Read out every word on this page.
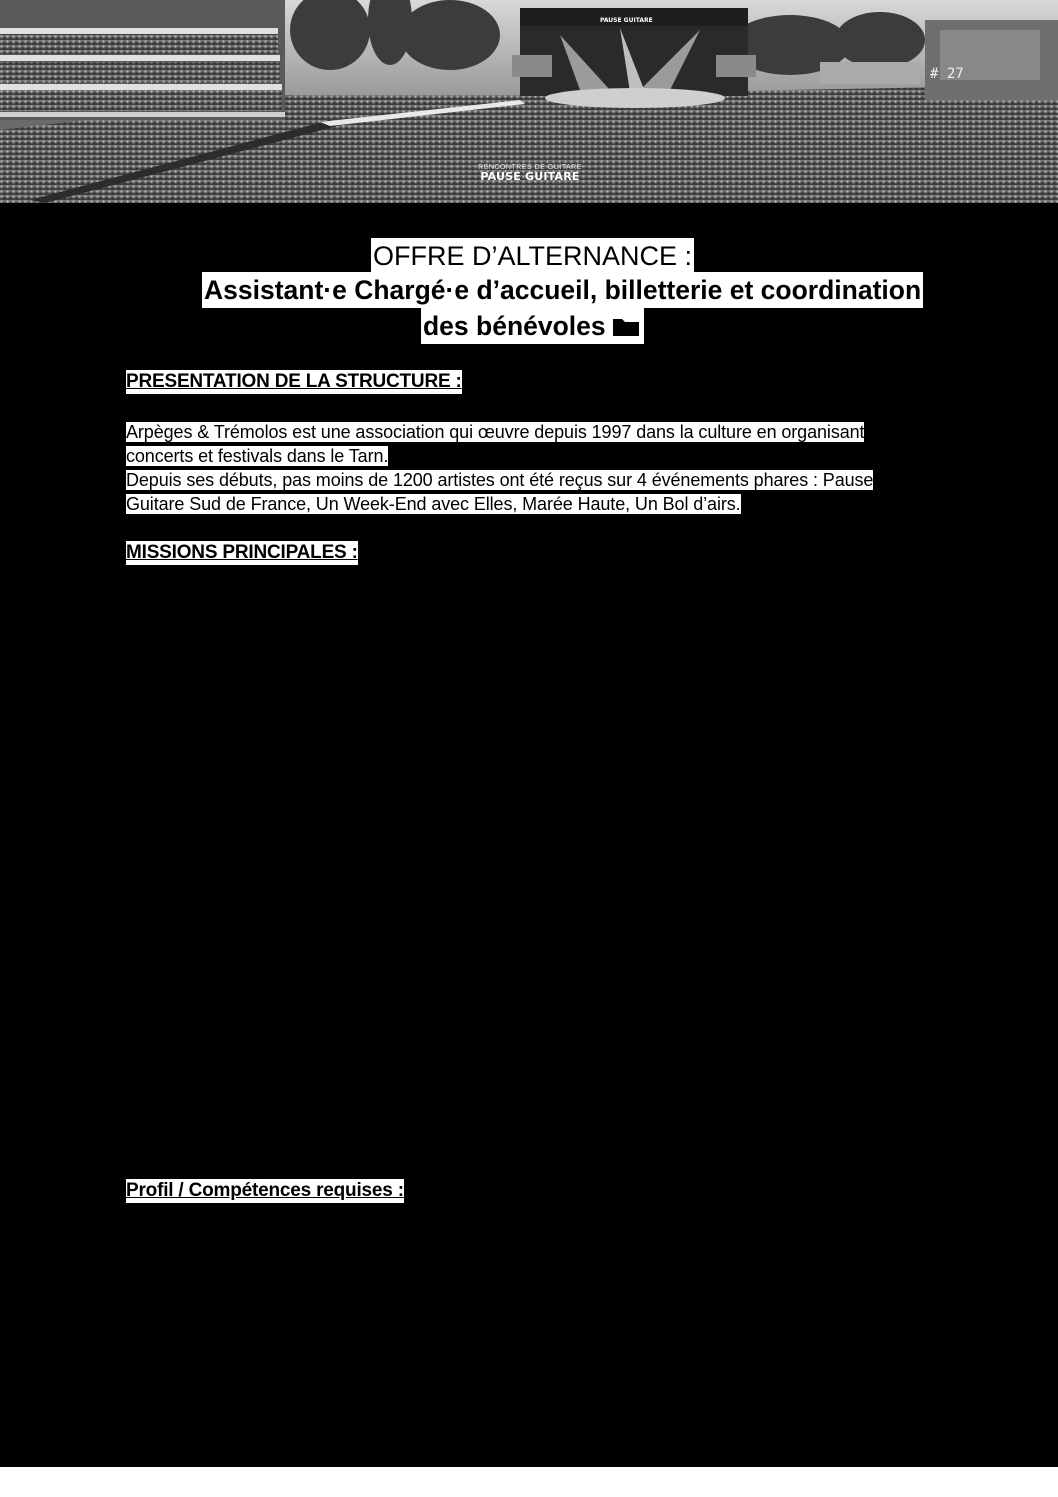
PAUSE GUITARE
# 27
RENCONTRES DE GUITARE
PAUSE GUITARE
OFFRE D’ALTERNANCE :
Assistant·e Chargé·e d’accueil, billetterie et coordination
des bénévoles
PRESENTATION DE LA STRUCTURE :
Arpèges & Trémolos est une association qui œuvre depuis 1997 dans la culture en organisant
concerts et festivals dans le Tarn.
Depuis ses débuts, pas moins de 1200 artistes ont été reçus sur 4 événements phares : Pause
Guitare Sud de France, Un Week-End avec Elles, Marée Haute, Un Bol d’airs.
MISSIONS PRINCIPALES :
Profil / Compétences requises :
